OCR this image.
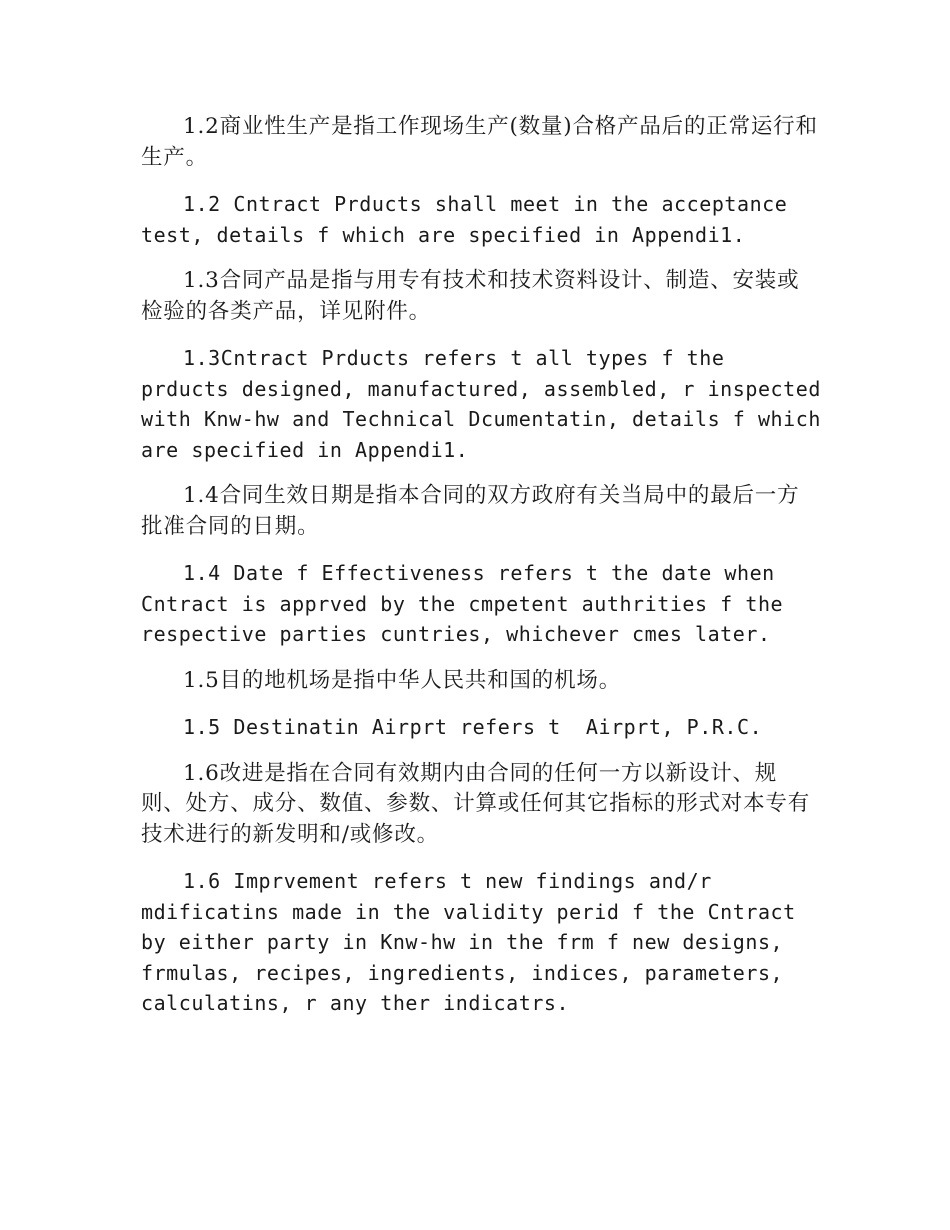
1.2商业性生产是指工作现场生产(数量)合格产品后的正常运行和生产。

1.2 Cntract Prducts shall meet in the acceptance test, details f which are specified in Appendi1.

1.3合同产品是指与用专有技术和技术资料设计、制造、安装或检验的各类产品，详见附件。

1.3Cntract Prducts refers t all types f the prducts designed, manufactured, assembled, r inspected with Knw-hw and Technical Dcumentatin, details f which are specified in Appendi1.

1.4合同生效日期是指本合同的双方政府有关当局中的最后一方批准合同的日期。

1.4 Date f Effectiveness refers t the date when Cntract is apprved by the cmpetent authrities f the respective parties cuntries, whichever cmes later.

1.5目的地机场是指中华人民共和国的机场。

1.5 Destinatin Airprt refers t  Airprt, P.R.C.

1.6改进是指在合同有效期内由合同的任何一方以新设计、规则、处方、成分、数值、参数、计算或任何其它指标的形式对本专有技术进行的新发明和/或修改。

1.6 Imprvement refers t new findings and/r mdificatins made in the validity perid f the Cntract by either party in Knw-hw in the frm f new designs, frmulas, recipes, ingredients, indices, parameters, calculatins, r any ther indicatrs.
